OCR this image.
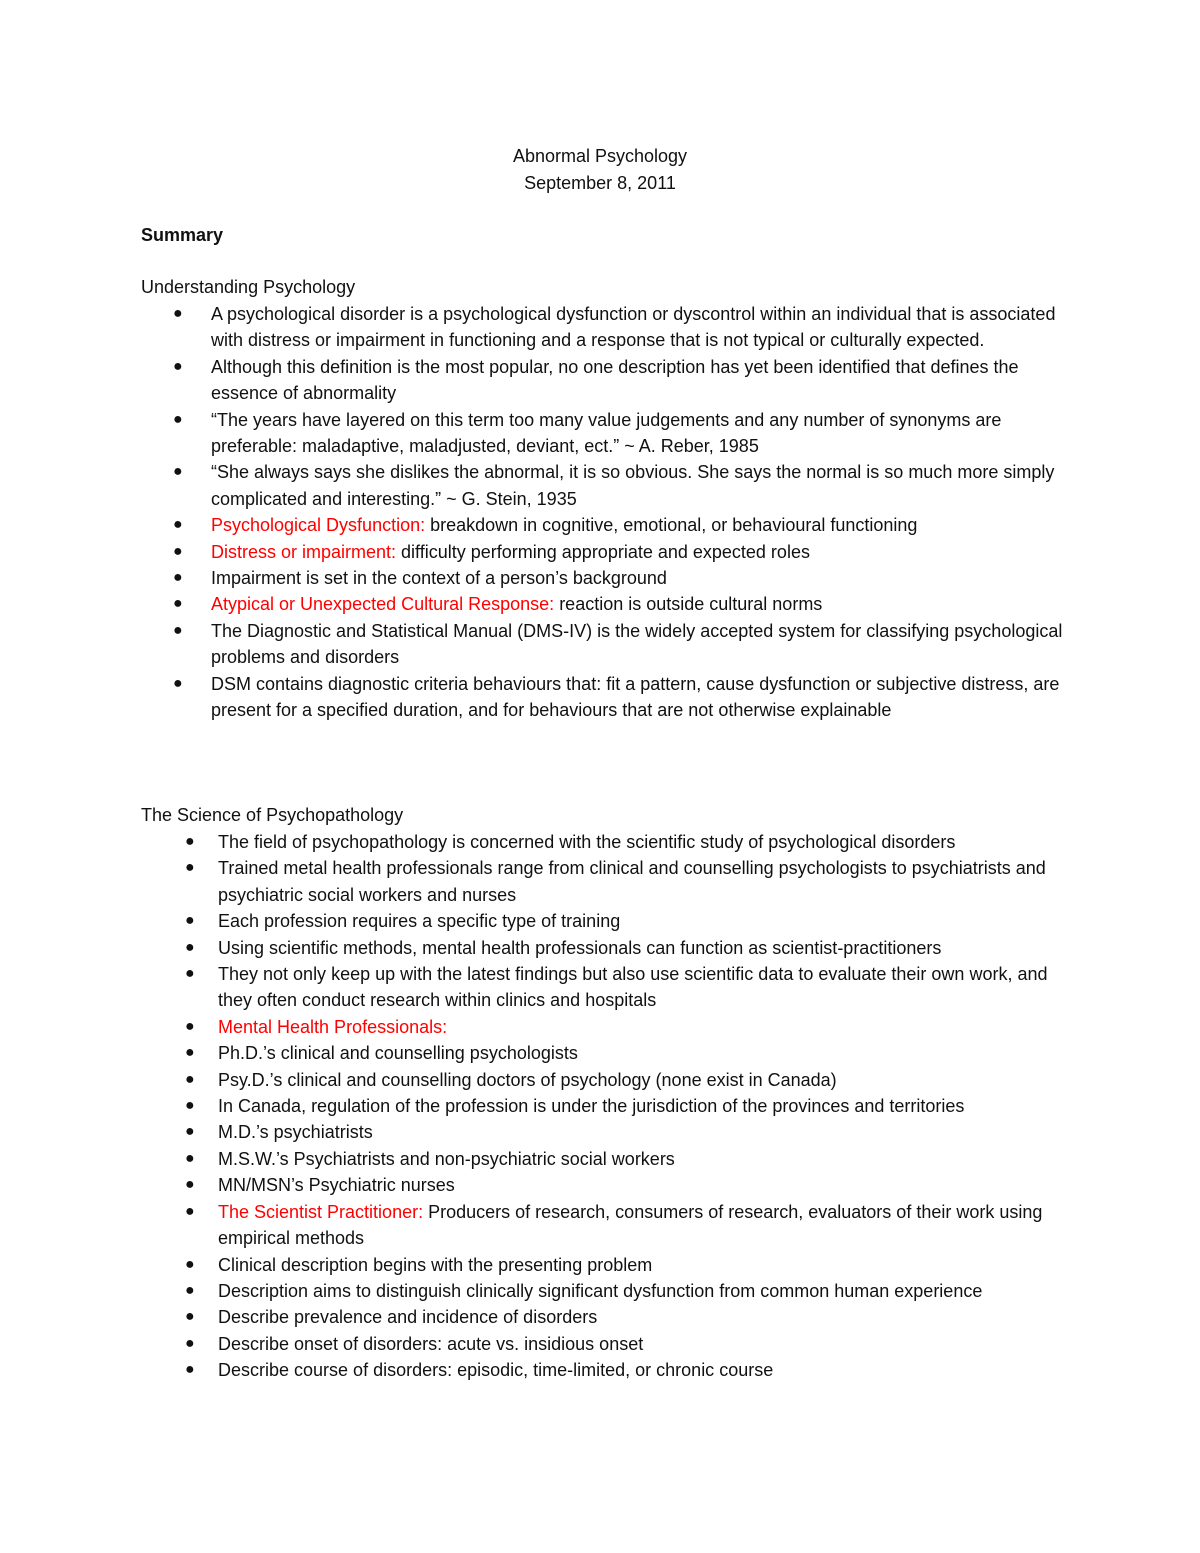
Abnormal Psychology
September 8, 2011
Summary
Understanding Psychology
● A psychological disorder is a psychological dysfunction or dyscontrol within an individual that is associated with distress or impairment in functioning and a response that is not typical or culturally expected.
● Although this definition is the most popular, no one description has yet been identified that defines the essence of abnormality
● “The years have layered on this term too many value judgements and any number of synonyms are preferable: maladaptive, maladjusted, deviant, ect.” ~ A. Reber, 1985
● “She always says she dislikes the abnormal, it is so obvious. She says the normal is so much more simply complicated and interesting.” ~ G. Stein, 1935
● Psychological Dysfunction: breakdown in cognitive, emotional, or behavioural functioning
● Distress or impairment: difficulty performing appropriate and expected roles
● Impairment is set in the context of a person’s background
● Atypical or Unexpected Cultural Response: reaction is outside cultural norms
● The Diagnostic and Statistical Manual (DMS-IV) is the widely accepted system for classifying psychological problems and disorders
● DSM contains diagnostic criteria behaviours that: fit a pattern, cause dysfunction or subjective distress, are present for a specified duration, and for behaviours that are not otherwise explainable
The Science of Psychopathology
● The field of psychopathology is concerned with the scientific study of psychological disorders
● Trained metal health professionals range from clinical and counselling psychologists to psychiatrists and psychiatric social workers and nurses
● Each profession requires a specific type of training
● Using scientific methods, mental health professionals can function as scientist-practitioners
● They not only keep up with the latest findings but also use scientific data to evaluate their own work, and they often conduct research within clinics and hospitals
● Mental Health Professionals:
● Ph.D.’s clinical and counselling psychologists
● Psy.D.’s clinical and counselling doctors of psychology (none exist in Canada)
● In Canada, regulation of the profession is under the jurisdiction of the provinces and territories
● M.D.’s psychiatrists
● M.S.W.’s Psychiatrists and non-psychiatric social workers
● MN/MSN’s Psychiatric nurses
● The Scientist Practitioner: Producers of research, consumers of research, evaluators of their work using empirical methods
● Clinical description begins with the presenting problem
● Description aims to distinguish clinically significant dysfunction from common human experience
● Describe prevalence and incidence of disorders
● Describe onset of disorders: acute vs. insidious onset
● Describe course of disorders: episodic, time-limited, or chronic course
